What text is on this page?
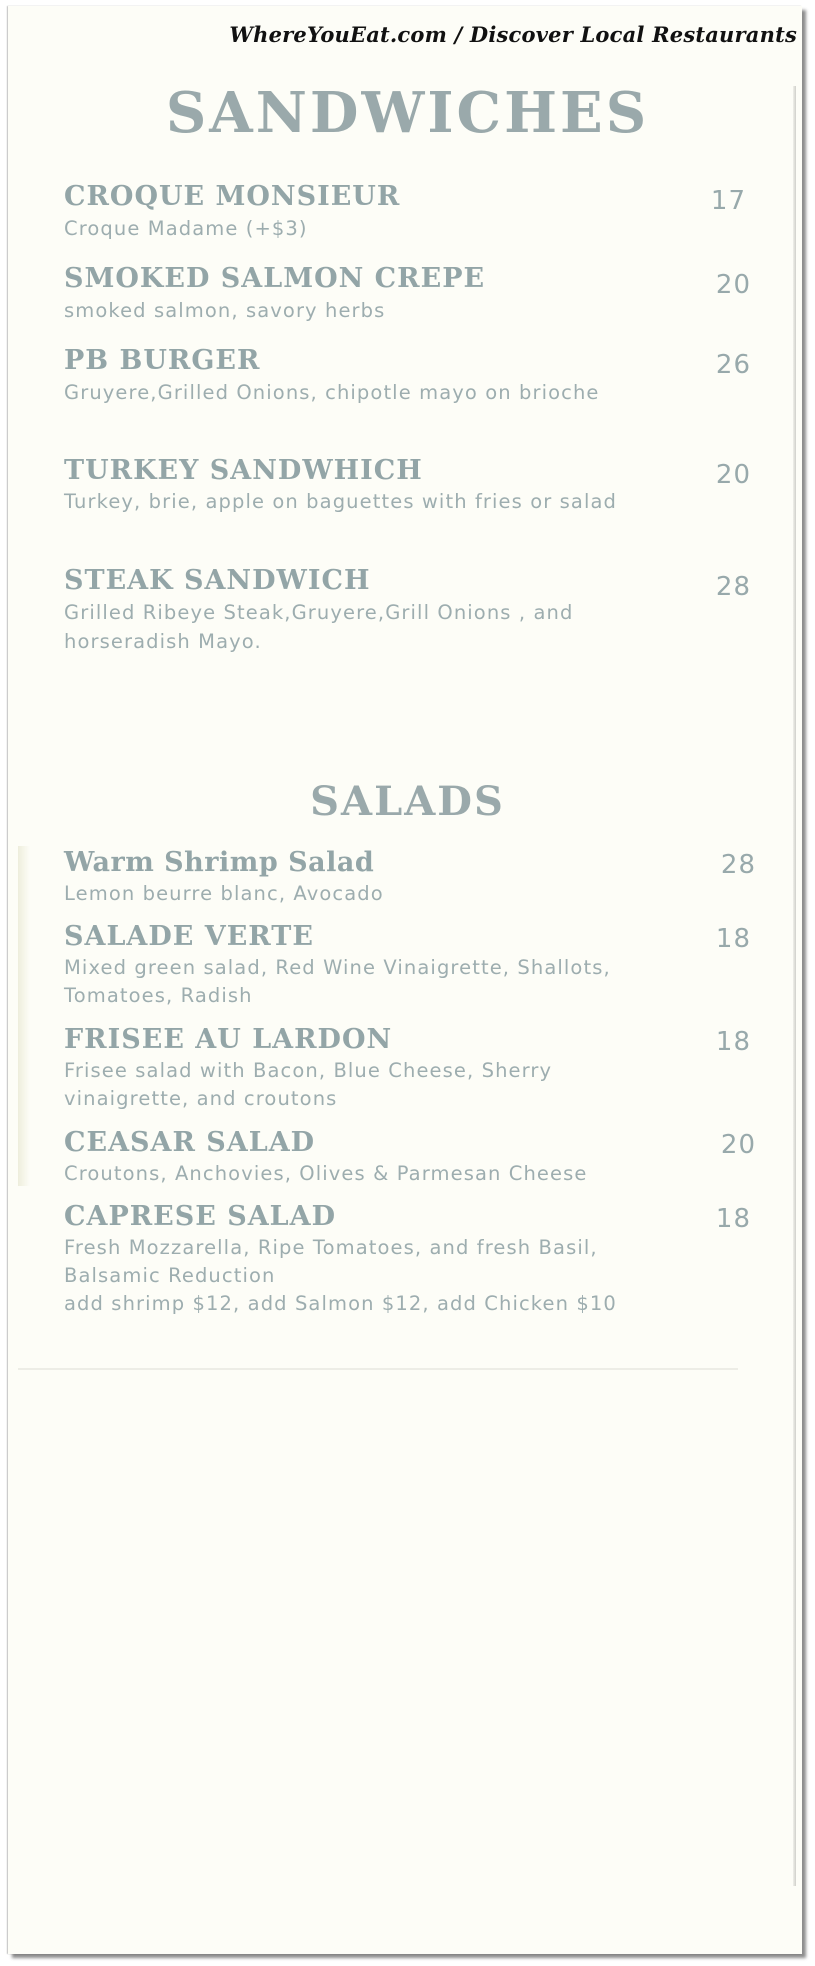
WhereYouEat.com / Discover Local Restaurants
SANDWICHES
CROQUE MONSIEUR
Croque Madame (+$3)
17
SMOKED SALMON CREPE
smoked salmon, savory herbs
20
PB BURGER
Gruyere,Grilled Onions, chipotle mayo on brioche
26
TURKEY SANDWHICH
Turkey, brie, apple on baguettes with fries or salad
20
STEAK SANDWICH
Grilled Ribeye Steak,Gruyere,Grill Onions , and horseradish Mayo.
28
SALADS
Warm Shrimp Salad
Lemon beurre blanc, Avocado
28
SALADE VERTE
Mixed green salad, Red Wine Vinaigrette, Shallots, Tomatoes, Radish
18
FRISEE AU LARDON
Frisee salad with Bacon, Blue Cheese, Sherry vinaigrette, and croutons
18
CEASAR SALAD
Croutons, Anchovies, Olives & Parmesan Cheese
20
CAPRESE SALAD
Fresh Mozzarella, Ripe Tomatoes, and fresh Basil, Balsamic Reduction
add shrimp $12, add Salmon $12, add Chicken $10
18
